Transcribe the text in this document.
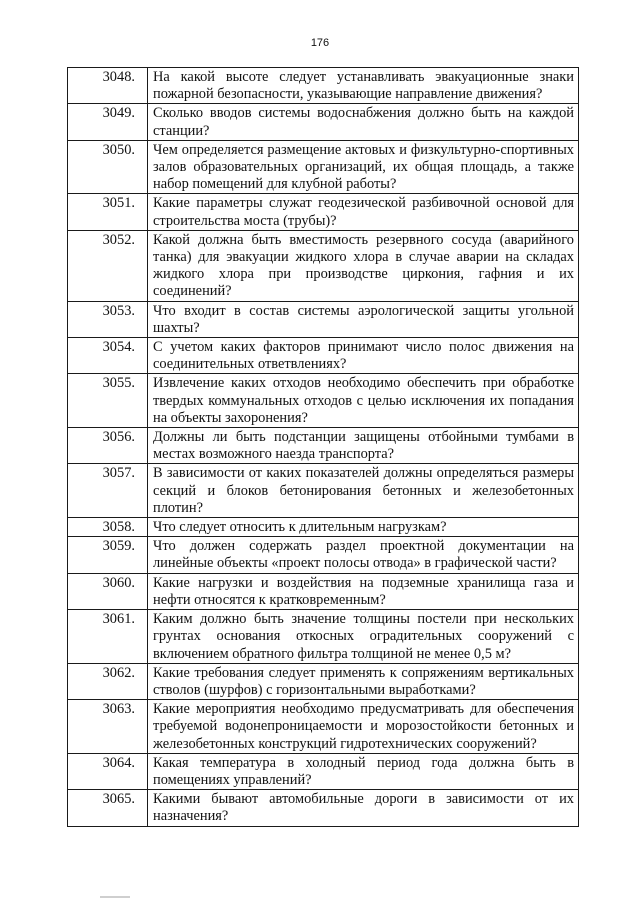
176
3048.	На какой высоте следует устанавливать эвакуационные знаки пожарной безопасности, указывающие направление движения?
3049.	Сколько вводов системы водоснабжения должно быть на каждой станции?
3050.	Чем определяется размещение актовых и физкультурно-спортивных залов образовательных организаций, их общая площадь, а также набор помещений для клубной работы?
3051.	Какие параметры служат геодезической разбивочной основой для строительства моста (трубы)?
3052.	Какой должна быть вместимость резервного сосуда (аварийного танка) для эвакуации жидкого хлора в случае аварии на складах жидкого хлора при производстве циркония, гафния и их соединений?
3053.	Что входит в состав системы аэрологической защиты угольной шахты?
3054.	С учетом каких факторов принимают число полос движения на соединительных ответвлениях?
3055.	Извлечение каких отходов необходимо обеспечить при обработке твердых коммунальных отходов с целью исключения их попадания на объекты захоронения?
3056.	Должны ли быть подстанции защищены отбойными тумбами в местах возможного наезда транспорта?
3057.	В зависимости от каких показателей должны определяться размеры секций и блоков бетонирования бетонных и железобетонных плотин?
3058.	Что следует относить к длительным нагрузкам?
3059.	Что должен содержать раздел проектной документации на линейные объекты «проект полосы отвода» в графической части?
3060.	Какие нагрузки и воздействия на подземные хранилища газа и нефти относятся к кратковременным?
3061.	Каким должно быть значение толщины постели при нескольких грунтах основания откосных оградительных сооружений с включением обратного фильтра толщиной не менее 0,5 м?
3062.	Какие требования следует применять к сопряжениям вертикальных стволов (шурфов) с горизонтальными выработками?
3063.	Какие мероприятия необходимо предусматривать для обеспечения требуемой водонепроницаемости и морозостойкости бетонных и железобетонных конструкций гидротехнических сооружений?
3064.	Какая температура в холодный период года должна быть в помещениях управлений?
3065.	Какими бывают автомобильные дороги в зависимости от их назначения?
